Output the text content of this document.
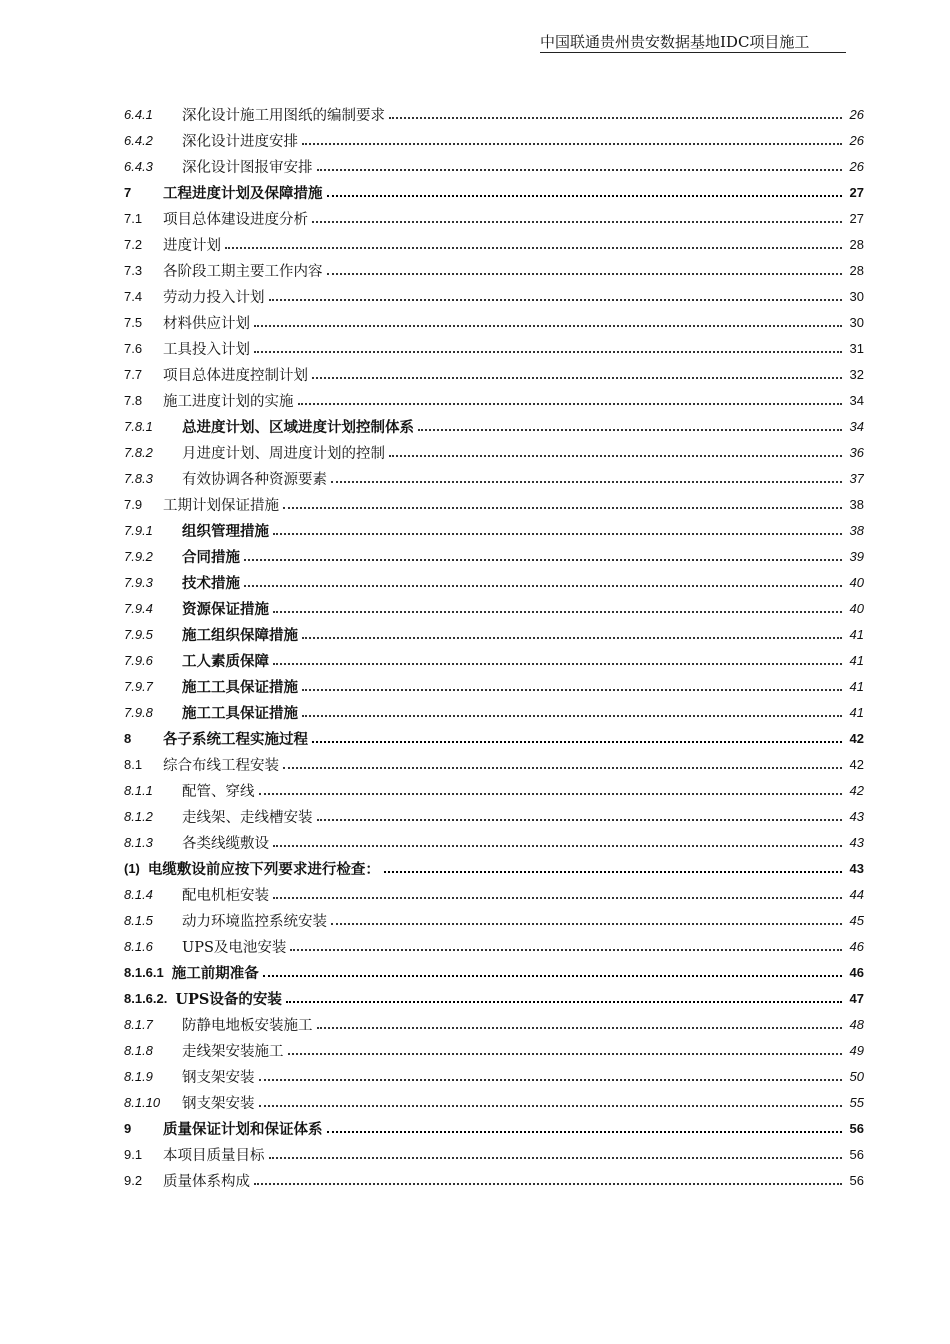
中国联通贵州贵安数据基地IDC项目施工
6.4.1	深化设计施工用图纸的编制要求	26
6.4.2	深化设计进度安排	26
6.4.3	深化设计图报审安排	26
7	工程进度计划及保障措施	27
7.1	项目总体建设进度分析	27
7.2	进度计划	28
7.3	各阶段工期主要工作内容	28
7.4	劳动力投入计划	30
7.5	材料供应计划	30
7.6	工具投入计划	31
7.7	项目总体进度控制计划	32
7.8	施工进度计划的实施	34
7.8.1	总进度计划、区域进度计划控制体系	34
7.8.2	月进度计划、周进度计划的控制	36
7.8.3	有效协调各种资源要素	37
7.9	工期计划保证措施	38
7.9.1	组织管理措施	38
7.9.2	合同措施	39
7.9.3	技术措施	40
7.9.4	资源保证措施	40
7.9.5	施工组织保障措施	41
7.9.6	工人素质保障	41
7.9.7	施工工具保证措施	41
7.9.8	施工工具保证措施	41
8	各子系统工程实施过程	42
8.1	综合布线工程安装	42
8.1.1	配管、穿线	42
8.1.2	走线架、走线槽安装	43
8.1.3	各类线缆敷设	43
(1) 电缆敷设前应按下列要求进行检查：	43
8.1.4	配电机柜安装	44
8.1.5	动力环境监控系统安装	45
8.1.6	UPS及电池安装	46
8.1.6.1 施工前期准备	46
8.1.6.2. UPS设备的安装	47
8.1.7	防静电地板安装施工	48
8.1.8	走线架安装施工	49
8.1.9	钢支架安装	50
8.1.10	钢支架安装	55
9	质量保证计划和保证体系	56
9.1	本项目质量目标	56
9.2	质量体系构成	56
